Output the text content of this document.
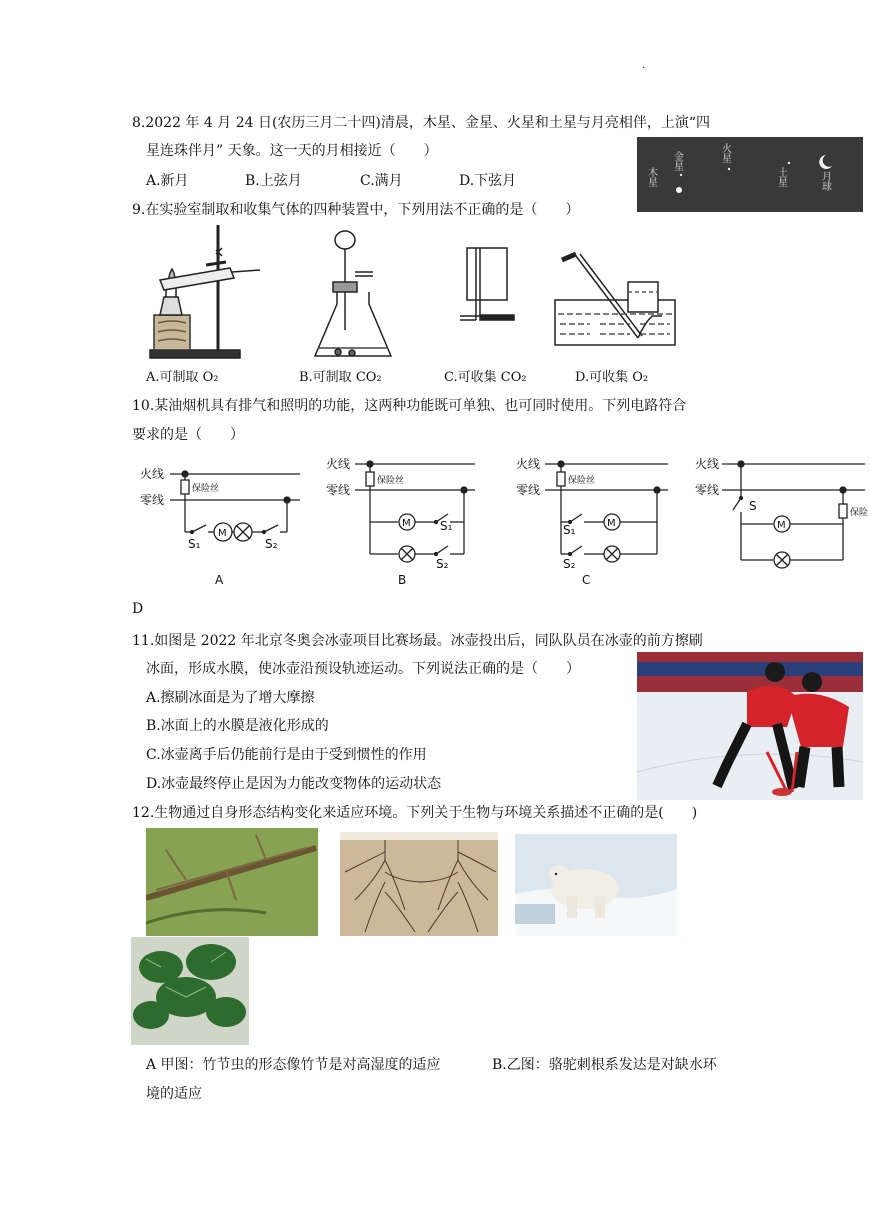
.
8.2022 年 4 月 24 日(农历三月二十四)清晨，木星、金星、火星和土星与月亮相伴，上演“四
星连珠伴月” 天象。这一天的月相接近（　　）
A.新月	B.上弦月	C.满月	D.下弦月	木星
金星	火星
土星	月球
9.在实验室制取和收集气体的四种装置中，下列用法不正确的是（　　）
A.可制取 O₂	B.可制取 CO₂	C.可收集 CO₂	D.可收集 O₂
10.某油烟机具有排气和照明的功能，这两种功能既可单独、也可同时使用。下列电路符合
要求的是（　　）
火线
零线
保险丝
M
S₁	S₂
A
火线
零线
保险丝
M S₁
S₂
B
火线
零线
保险丝
M
S₁
S₂
C
火线
零线
S
M
保险
D
11.如图是 2022 年北京冬奥会冰壶项目比赛场最。冰壶投出后，同队队员在冰壶的前方擦刷
冰面，形成水膜，使冰壶沿预设轨迹运动。下列说法正确的是（　　）
A.擦刷冰面是为了增大摩擦
B.冰面上的水膜是液化形成的
C.冰壶离手后仍能前行是由于受到惯性的作用
D.冰壶最终停止是因为力能改变物体的运动状态
12.生物通过自身形态结构变化来适应环境。下列关于生物与环境关系描述不正确的是(　　)
A 甲图：竹节虫的形态像竹节是对高湿度的适应	B.乙图：骆驼刺根系发达是对缺水环
境的适应
